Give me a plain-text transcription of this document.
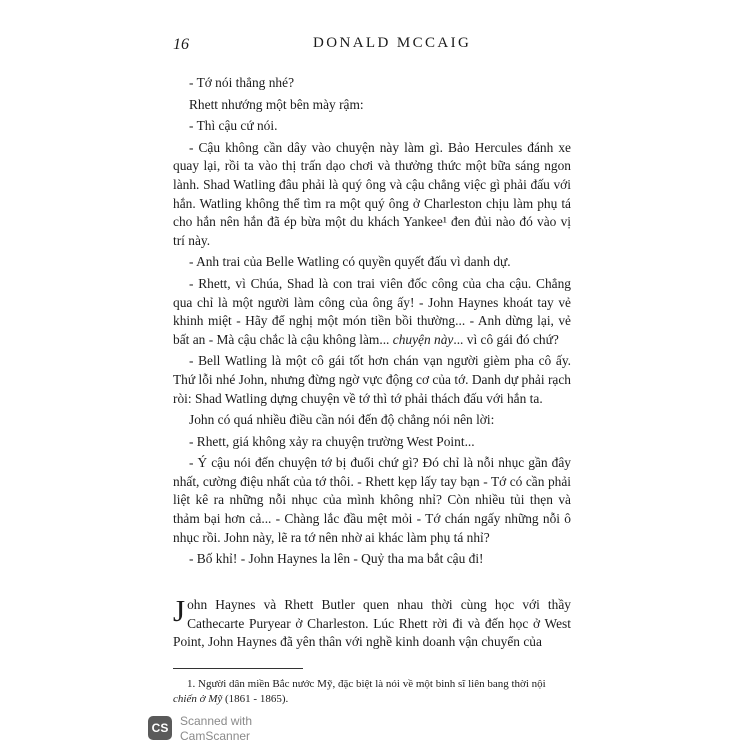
16	DONALD MCCAIG

- Tớ nói thẳng nhé?

Rhett nhướng một bên mày rậm:

- Thì cậu cứ nói.

- Cậu không cần dây vào chuyện này làm gì. Bảo Hercules đánh xe quay lại, rồi ta vào thị trấn dạo chơi và thưởng thức một bữa sáng ngon lành. Shad Watling đâu phải là quý ông và cậu chẳng việc gì phải đấu với hắn. Watling không thể tìm ra một quý ông ở Charleston chịu làm phụ tá cho hắn nên hắn đã ép bừa một du khách Yankee¹ đen đủi nào đó vào vị trí này.

- Anh trai của Belle Watling có quyền quyết đấu vì danh dự.

- Rhett, vì Chúa, Shad là con trai viên đốc công của cha cậu. Chẳng qua chỉ là một người làm công của ông ấy! - John Haynes khoát tay vẻ khinh miệt - Hãy để nghị một món tiền bồi thường... - Anh dừng lại, vẻ bất an - Mà cậu chắc là cậu không làm... chuyện này... vì cô gái đó chứ?

- Bell Watling là một cô gái tốt hơn chán vạn người gièm pha cô ấy. Thứ lỗi nhé John, nhưng đừng ngờ vực động cơ của tớ. Danh dự phải rạch ròi: Shad Watling dựng chuyện về tớ thì tớ phải thách đấu với hắn ta.

John có quá nhiều điều cần nói đến độ chẳng nói nên lời:

- Rhett, giá không xảy ra chuyện trường West Point...

- Ý cậu nói đến chuyện tớ bị đuổi chứ gì? Đó chỉ là nỗi nhục gần đây nhất, cường điệu nhất của tớ thôi. - Rhett kẹp lấy tay bạn - Tớ có cần phải liệt kê ra những nỗi nhục của mình không nhỉ? Còn nhiều tủi thẹn và thảm bại hơn cả... - Chàng lắc đầu mệt mỏi - Tớ chán ngấy những nỗi ô nhục rồi. John này, lẽ ra tớ nên nhờ ai khác làm phụ tá nhỉ?

- Bố khỉ! - John Haynes la lên - Quỷ tha ma bắt cậu đi!

John Haynes và Rhett Butler quen nhau thời cùng học với thầy Cathecarte Puryear ở Charleston. Lúc Rhett rời đi và đến học ở West Point, John Haynes đã yên thân với nghề kinh doanh vận chuyển của
1. Người dân miền Bắc nước Mỹ, đặc biệt là nói về một binh sĩ liên bang thời nội chiến ở Mỹ (1861 - 1865).
CS Scanned with
CamScanner
